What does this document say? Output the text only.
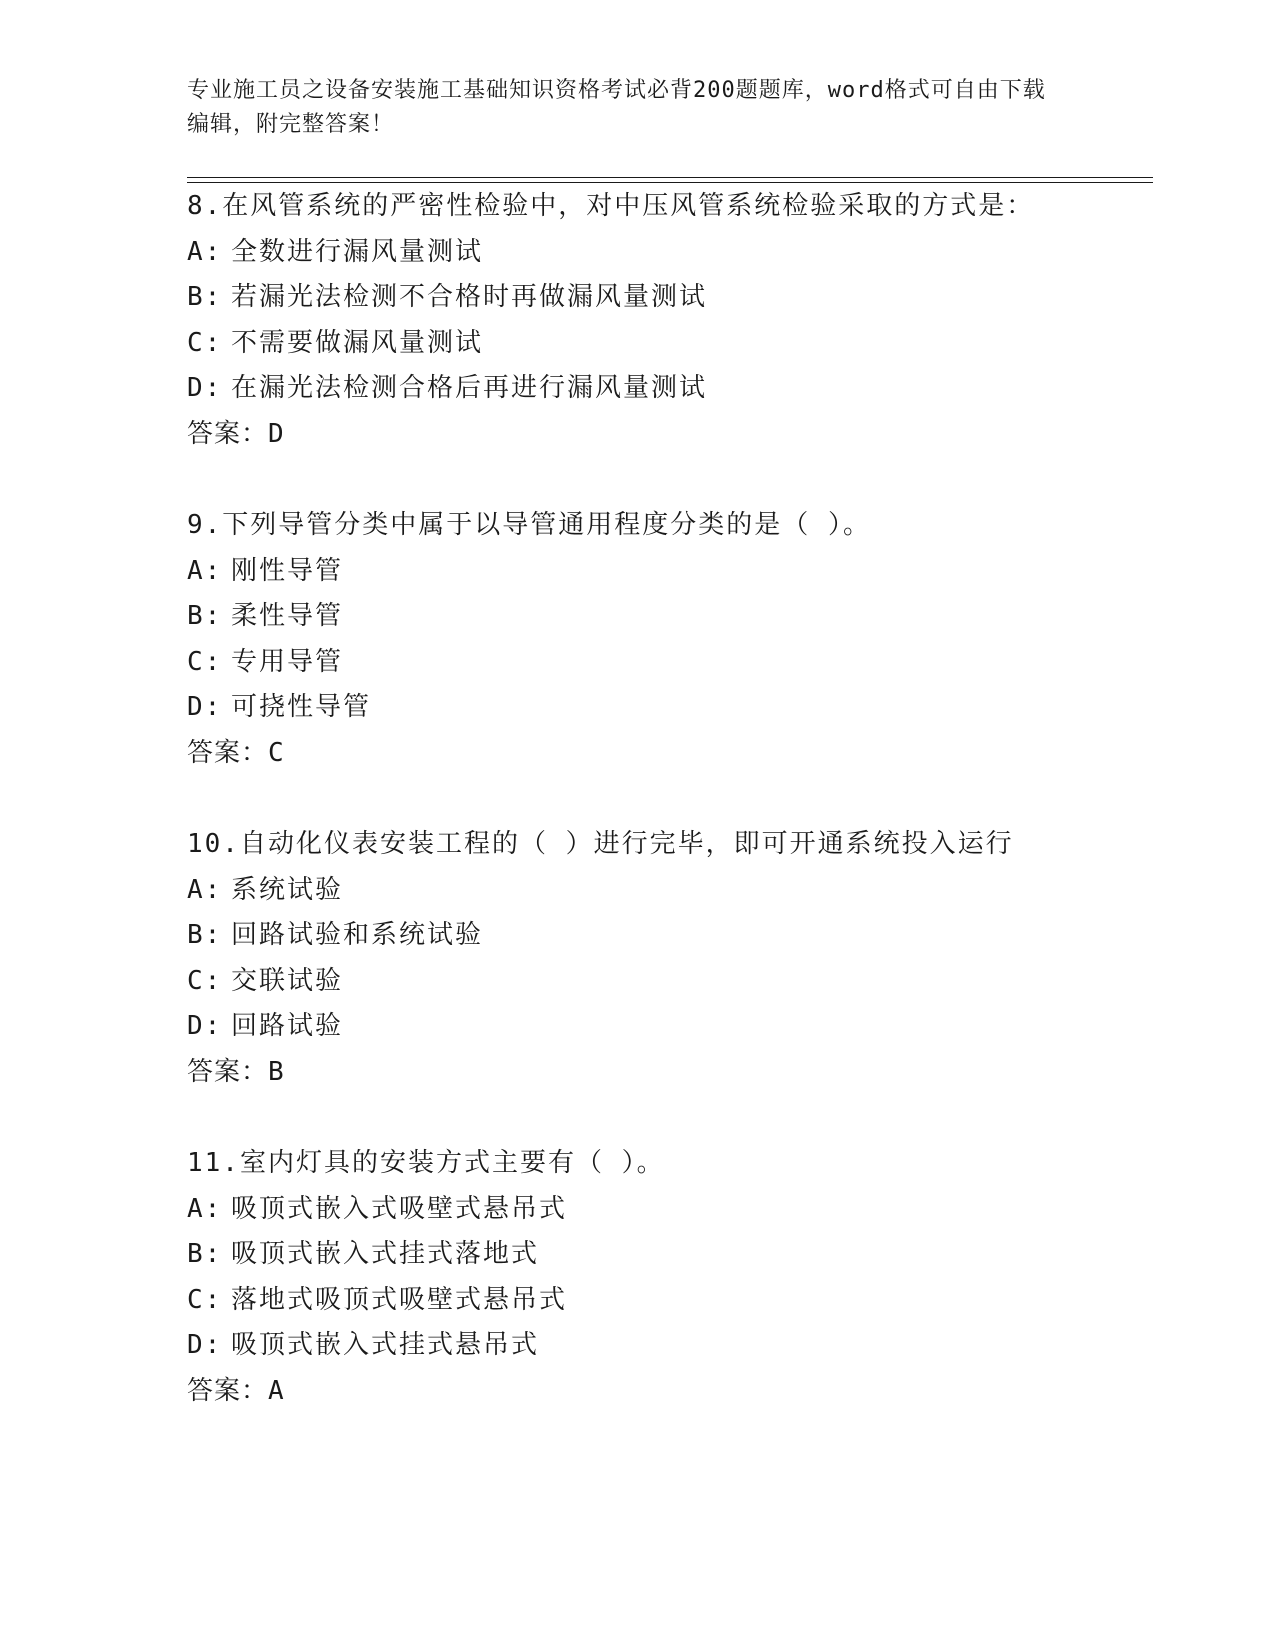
专业施工员之设备安装施工基础知识资格考试必背200题题库，word格式可自由下载编辑，附完整答案！
8.在风管系统的严密性检验中，对中压风管系统检验采取的方式是：
A: 全数进行漏风量测试
B: 若漏光法检测不合格时再做漏风量测试
C: 不需要做漏风量测试
D: 在漏光法检测合格后再进行漏风量测试
答案：D
9.下列导管分类中属于以导管通用程度分类的是（ ）。
A: 刚性导管
B: 柔性导管
C: 专用导管
D: 可挠性导管
答案：C
10.自动化仪表安装工程的（ ）进行完毕，即可开通系统投入运行
A: 系统试验
B: 回路试验和系统试验
C: 交联试验
D: 回路试验
答案：B
11.室内灯具的安装方式主要有（ ）。
A: 吸顶式嵌入式吸壁式悬吊式
B: 吸顶式嵌入式挂式落地式
C: 落地式吸顶式吸壁式悬吊式
D: 吸顶式嵌入式挂式悬吊式
答案：A
